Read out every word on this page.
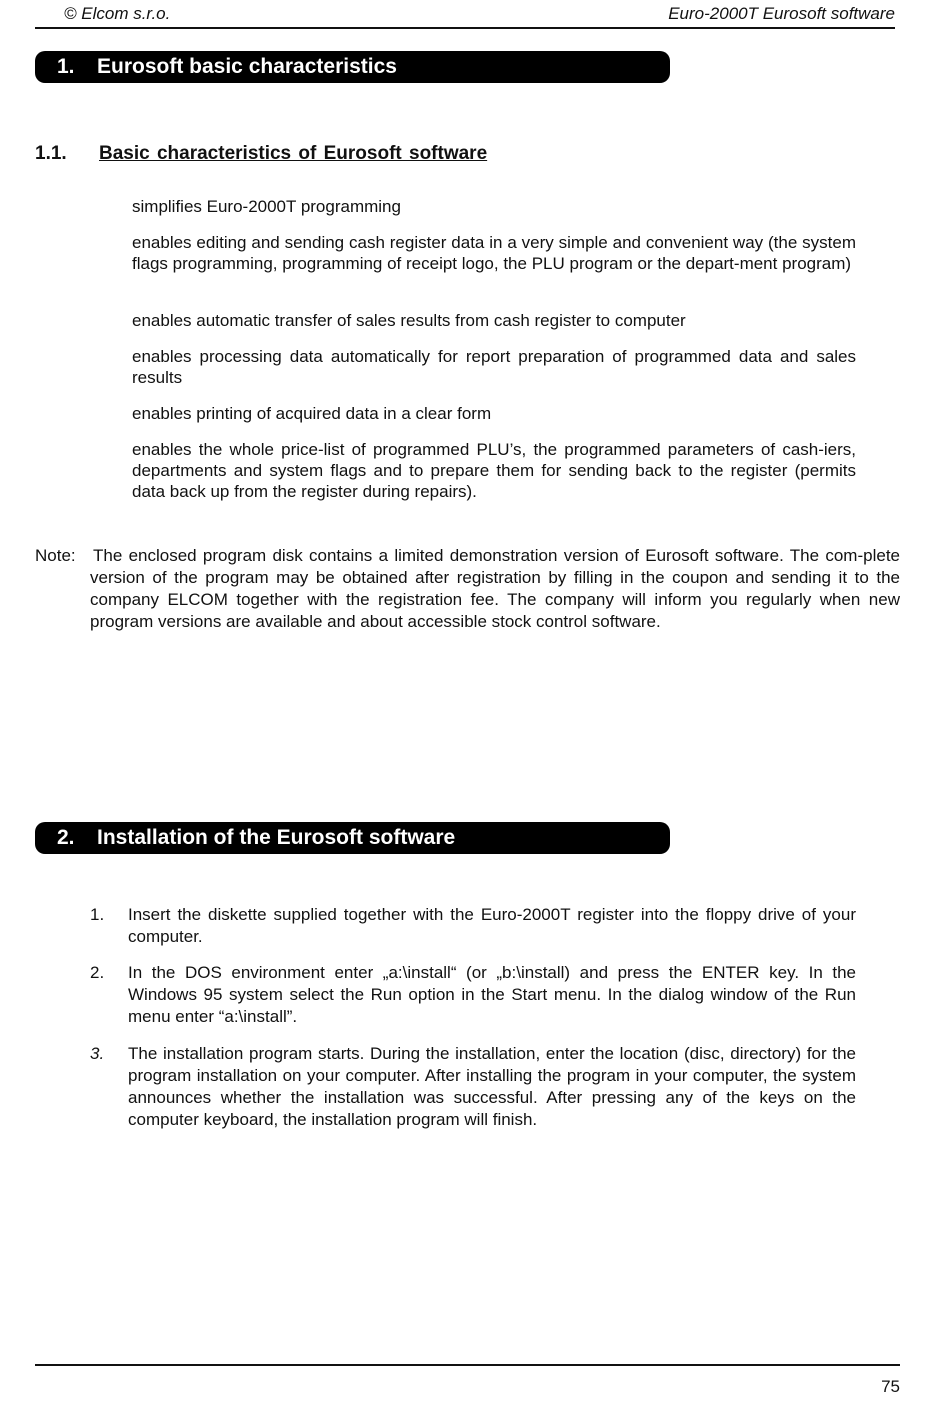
© Elcom s.r.o.	Euro-2000T Eurosoft software
1. Eurosoft basic characteristics
1.1. Basic characteristics of Eurosoft software
simplifies Euro-2000T programming
enables editing and sending cash register data in a very simple and convenient way (the system flags programming, programming of receipt logo, the PLU program or the depart-ment program)
enables automatic transfer of sales results from cash register to computer
enables processing data automatically for report preparation of programmed data and sales results
enables printing of acquired data in a clear form
enables the whole price-list of programmed PLU’s, the programmed parameters of cash-iers, departments and system flags and to prepare them for sending back to the register (permits data back up from the register during repairs).
Note: The enclosed program disk contains a limited demonstration version of Eurosoft software. The com-plete version of the program may be obtained after registration by filling in the coupon and sending it to the company ELCOM together with the registration fee. The company will inform you regularly when new program versions are available and about accessible stock control software.
2. Installation of the Eurosoft software
1. Insert the diskette supplied together with the Euro-2000T register into the floppy drive of your computer.
2. In the DOS environment enter „a:\install“ (or „b:\install) and press the ENTER key. In the Windows 95 system select the Run option in the Start menu. In the dialog window of the Run menu enter “a:\install”.
3. The installation program starts. During the installation, enter the location (disc, directory) for the program installation on your computer. After installing the program in your computer, the system announces whether the installation was successful. After pressing any of the keys on the computer keyboard, the installation program will finish.
75
